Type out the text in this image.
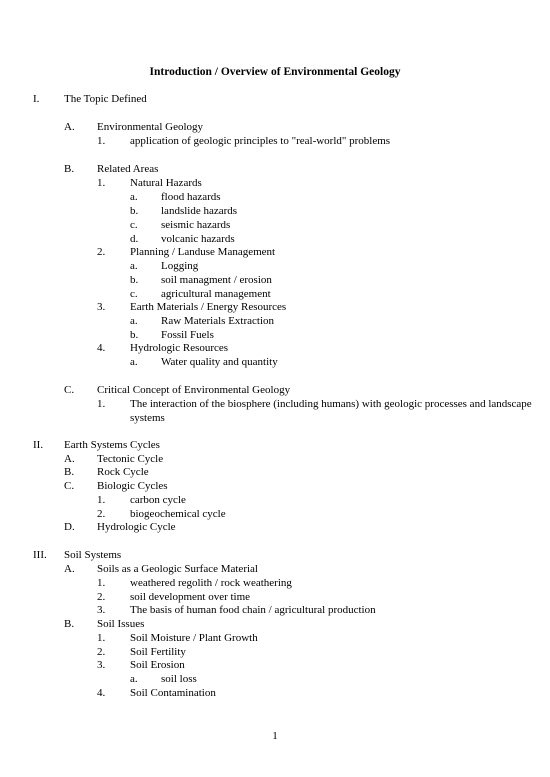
Introduction / Overview of Environmental Geology
I. The Topic Defined
A. Environmental Geology
1. application of geologic principles to "real-world" problems
B. Related Areas
1. Natural Hazards
a. flood hazards
b. landslide hazards
c. seismic hazards
d. volcanic hazards
2. Planning / Landuse Management
a. Logging
b. soil managment / erosion
c. agricultural management
3. Earth Materials / Energy Resources
a. Raw Materials Extraction
b. Fossil Fuels
4. Hydrologic Resources
a. Water quality and quantity
C. Critical Concept of Environmental Geology
1. The interaction of the biosphere (including humans) with geologic processes and landscape
systems
II. Earth Systems Cycles
A. Tectonic Cycle
B. Rock Cycle
C. Biologic Cycles
1. carbon cycle
2. biogeochemical cycle
D. Hydrologic Cycle
III. Soil Systems
A. Soils as a Geologic Surface Material
1. weathered regolith / rock weathering
2. soil development over time
3. The basis of human food chain / agricultural production
B. Soil Issues
1. Soil Moisture / Plant Growth
2. Soil Fertility
3. Soil Erosion
a. soil loss
4. Soil Contamination
1
